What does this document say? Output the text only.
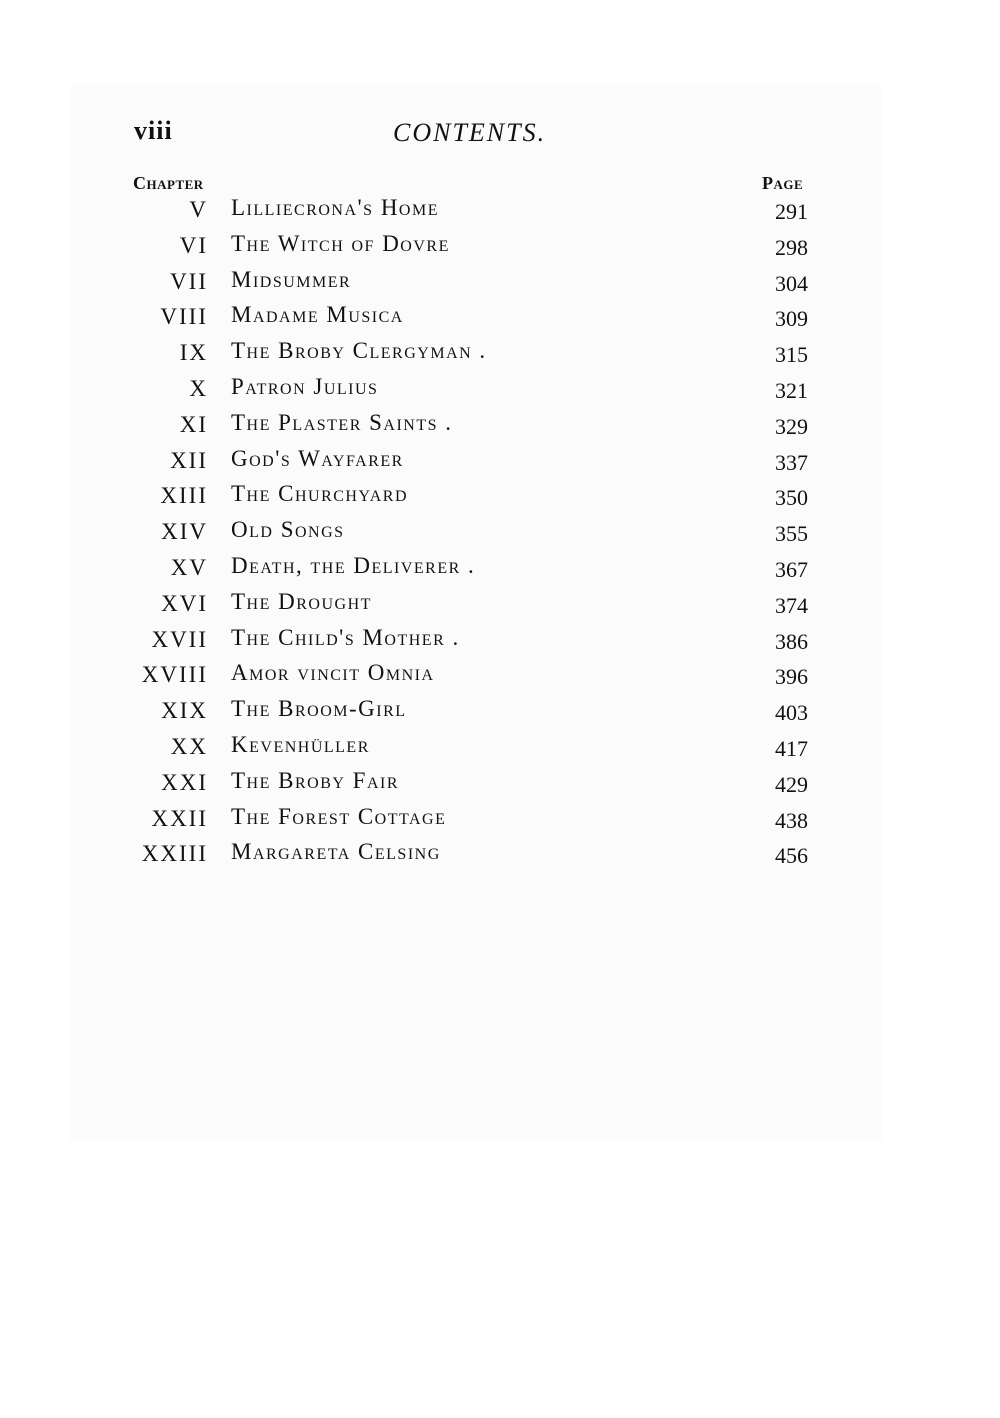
viii	CONTENTS.
Chapter	Page
V Lilliecrona's Home	291
VI The Witch of Dovre	298
VII Midsummer	304
VIII Madame Musica	309
IX The Broby Clergyman .	315
X Patron Julius	321
XI The Plaster Saints .	329
XII God's Wayfarer	337
XIII The Churchyard	350
XIV Old Songs	355
XV Death, the Deliverer .	367
XVI The Drought	374
XVII The Child's Mother .	386
XVIII Amor vincit Omnia	396
XIX The Broom-Girl	403
XX Kevenhüller	417
XXI The Broby Fair	429
XXII The Forest Cottage	438
XXIII Margareta Celsing	456
